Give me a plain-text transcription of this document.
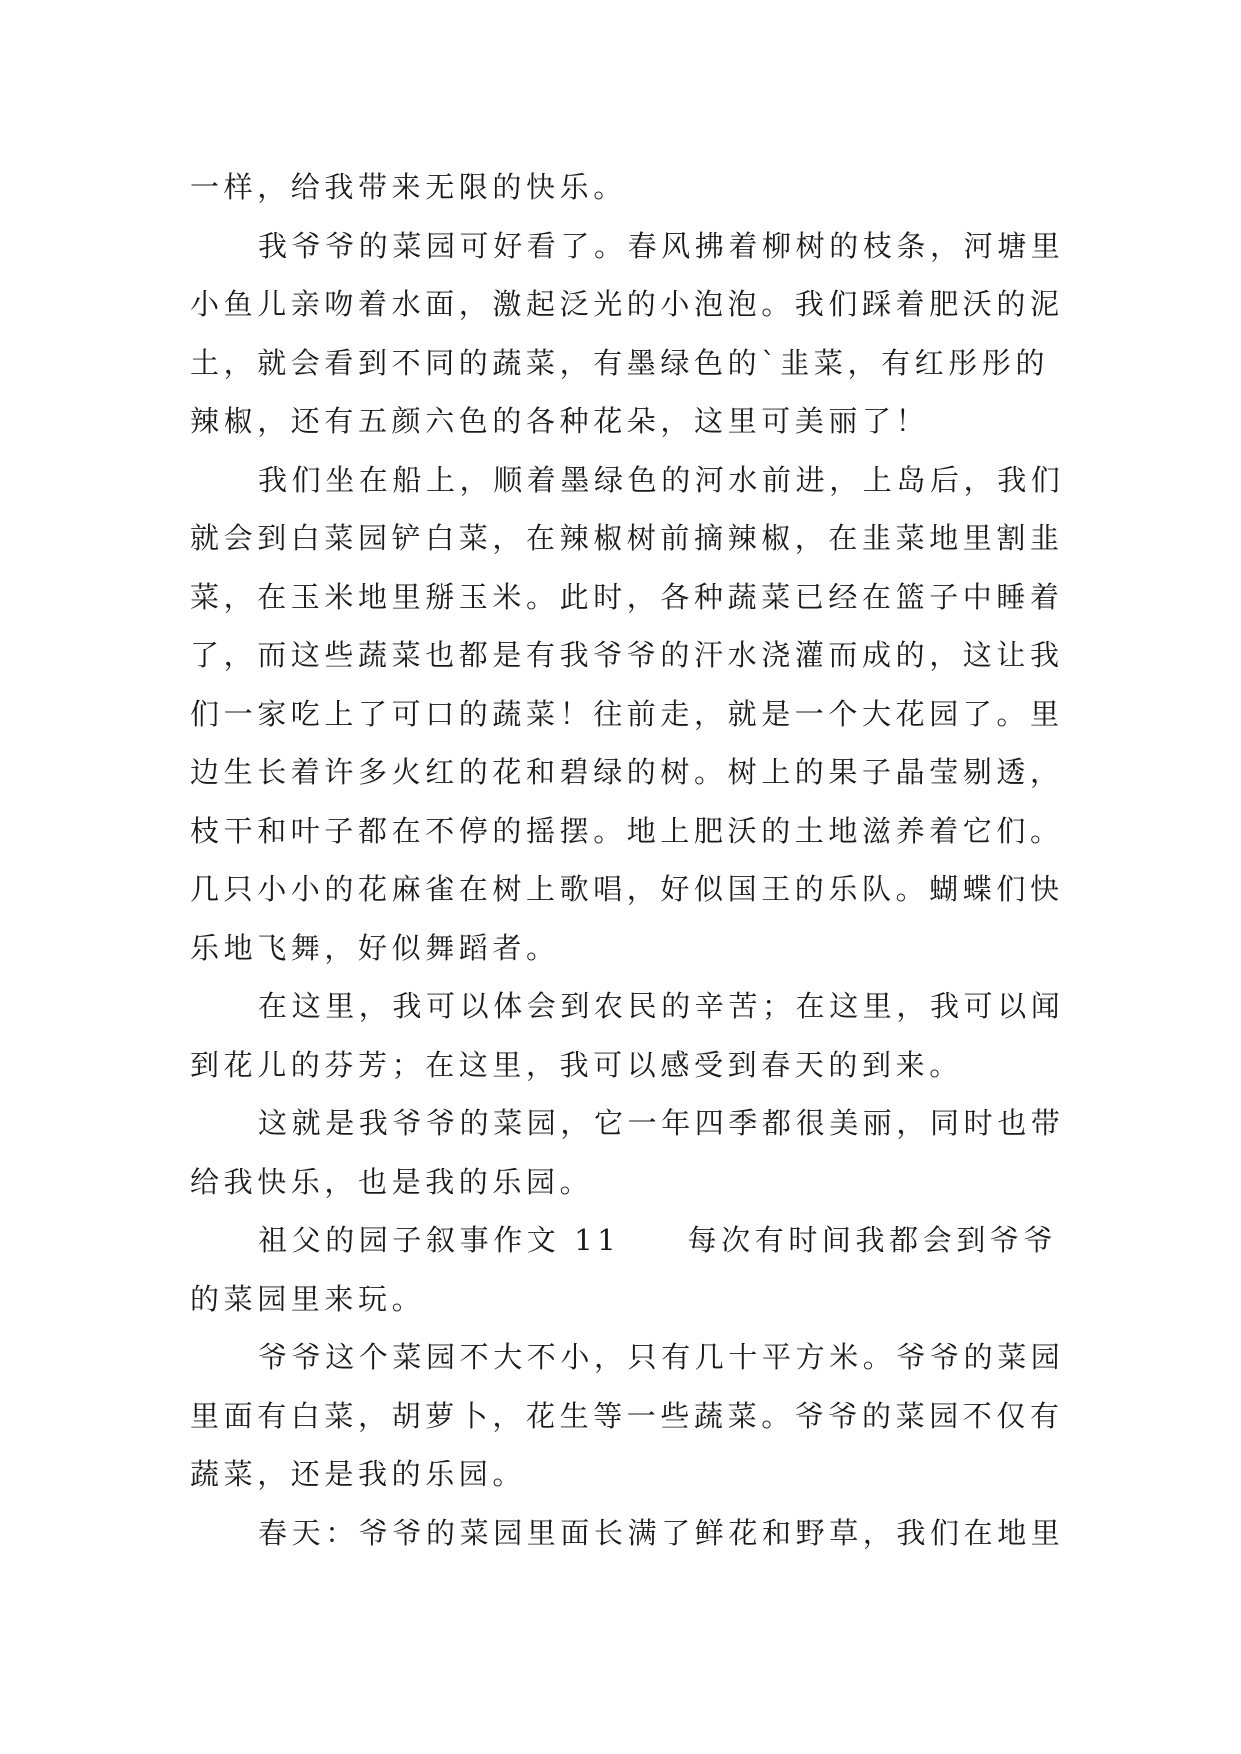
一样，给我带来无限的快乐。

我爷爷的菜园可好看了。春风拂着柳树的枝条，河塘里

小鱼儿亲吻着水面，激起泛光的小泡泡。我们踩着肥沃的泥

土，就会看到不同的蔬菜，有墨绿色的`韭菜，有红彤彤的

辣椒，还有五颜六色的各种花朵，这里可美丽了！

我们坐在船上，顺着墨绿色的河水前进，上岛后，我们

就会到白菜园铲白菜，在辣椒树前摘辣椒，在韭菜地里割韭

菜，在玉米地里掰玉米。此时，各种蔬菜已经在篮子中睡着

了，而这些蔬菜也都是有我爷爷的汗水浇灌而成的，这让我

们一家吃上了可口的蔬菜！往前走，就是一个大花园了。里

边生长着许多火红的花和碧绿的树。树上的果子晶莹剔透，

枝干和叶子都在不停的摇摆。地上肥沃的土地滋养着它们。

几只小小的花麻雀在树上歌唱，好似国王的乐队。蝴蝶们快

乐地飞舞，好似舞蹈者。

在这里，我可以体会到农民的辛苦；在这里，我可以闻

到花儿的芬芳；在这里，我可以感受到春天的到来。

这就是我爷爷的菜园，它一年四季都很美丽，同时也带

给我快乐，也是我的乐园。

祖父的园子叙事作文 11　　每次有时间我都会到爷爷

的菜园里来玩。

爷爷这个菜园不大不小，只有几十平方米。爷爷的菜园

里面有白菜，胡萝卜，花生等一些蔬菜。爷爷的菜园不仅有

蔬菜，还是我的乐园。

春天：爷爷的菜园里面长满了鲜花和野草，我们在地里
